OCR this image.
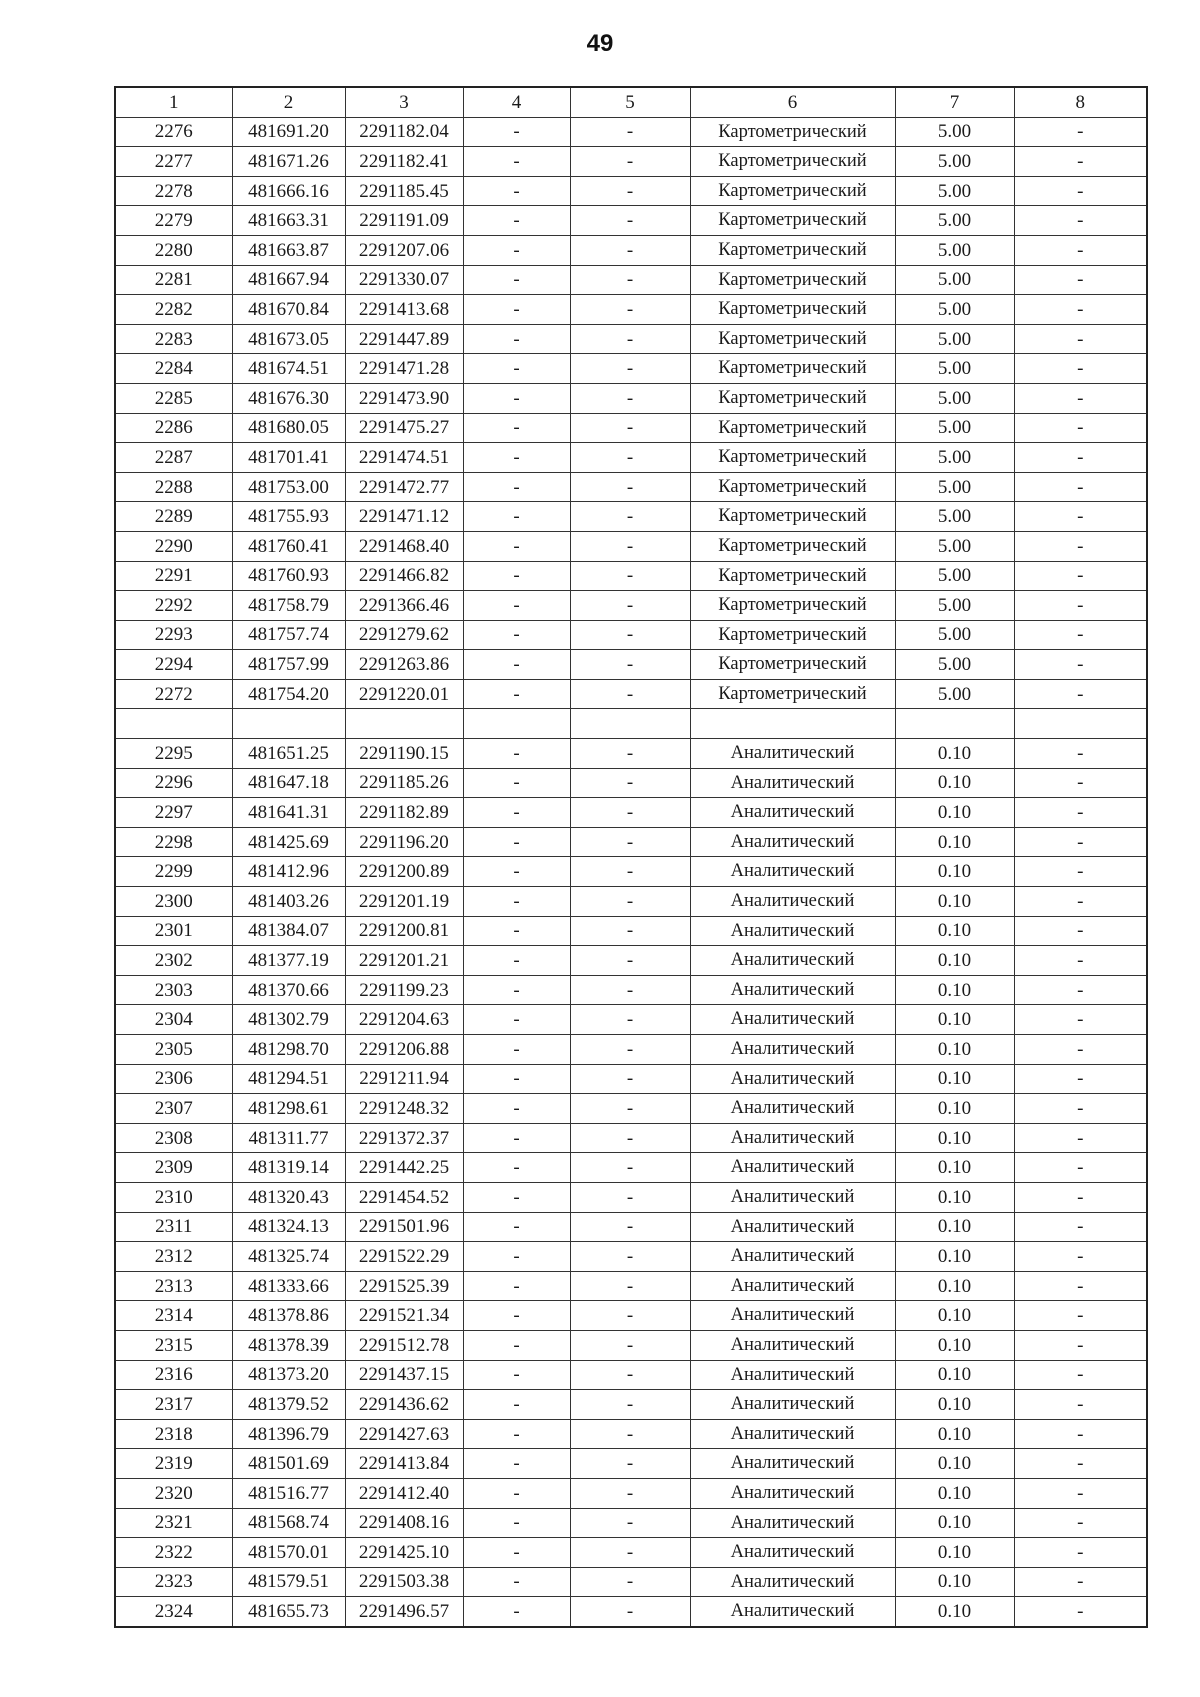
49
1	2	3	4	5	6	7	8
2276	481691.20	2291182.04	-	-	Картометрический	5.00	-
2277	481671.26	2291182.41	-	-	Картометрический	5.00	-
2278	481666.16	2291185.45	-	-	Картометрический	5.00	-
2279	481663.31	2291191.09	-	-	Картометрический	5.00	-
2280	481663.87	2291207.06	-	-	Картометрический	5.00	-
2281	481667.94	2291330.07	-	-	Картометрический	5.00	-
2282	481670.84	2291413.68	-	-	Картометрический	5.00	-
2283	481673.05	2291447.89	-	-	Картометрический	5.00	-
2284	481674.51	2291471.28	-	-	Картометрический	5.00	-
2285	481676.30	2291473.90	-	-	Картометрический	5.00	-
2286	481680.05	2291475.27	-	-	Картометрический	5.00	-
2287	481701.41	2291474.51	-	-	Картометрический	5.00	-
2288	481753.00	2291472.77	-	-	Картометрический	5.00	-
2289	481755.93	2291471.12	-	-	Картометрический	5.00	-
2290	481760.41	2291468.40	-	-	Картометрический	5.00	-
2291	481760.93	2291466.82	-	-	Картометрический	5.00	-
2292	481758.79	2291366.46	-	-	Картометрический	5.00	-
2293	481757.74	2291279.62	-	-	Картометрический	5.00	-
2294	481757.99	2291263.86	-	-	Картометрический	5.00	-
2272	481754.20	2291220.01	-	-	Картометрический	5.00	-

2295	481651.25	2291190.15	-	-	Аналитический	0.10	-
2296	481647.18	2291185.26	-	-	Аналитический	0.10	-
2297	481641.31	2291182.89	-	-	Аналитический	0.10	-
2298	481425.69	2291196.20	-	-	Аналитический	0.10	-
2299	481412.96	2291200.89	-	-	Аналитический	0.10	-
2300	481403.26	2291201.19	-	-	Аналитический	0.10	-
2301	481384.07	2291200.81	-	-	Аналитический	0.10	-
2302	481377.19	2291201.21	-	-	Аналитический	0.10	-
2303	481370.66	2291199.23	-	-	Аналитический	0.10	-
2304	481302.79	2291204.63	-	-	Аналитический	0.10	-
2305	481298.70	2291206.88	-	-	Аналитический	0.10	-
2306	481294.51	2291211.94	-	-	Аналитический	0.10	-
2307	481298.61	2291248.32	-	-	Аналитический	0.10	-
2308	481311.77	2291372.37	-	-	Аналитический	0.10	-
2309	481319.14	2291442.25	-	-	Аналитический	0.10	-
2310	481320.43	2291454.52	-	-	Аналитический	0.10	-
2311	481324.13	2291501.96	-	-	Аналитический	0.10	-
2312	481325.74	2291522.29	-	-	Аналитический	0.10	-
2313	481333.66	2291525.39	-	-	Аналитический	0.10	-
2314	481378.86	2291521.34	-	-	Аналитический	0.10	-
2315	481378.39	2291512.78	-	-	Аналитический	0.10	-
2316	481373.20	2291437.15	-	-	Аналитический	0.10	-
2317	481379.52	2291436.62	-	-	Аналитический	0.10	-
2318	481396.79	2291427.63	-	-	Аналитический	0.10	-
2319	481501.69	2291413.84	-	-	Аналитический	0.10	-
2320	481516.77	2291412.40	-	-	Аналитический	0.10	-
2321	481568.74	2291408.16	-	-	Аналитический	0.10	-
2322	481570.01	2291425.10	-	-	Аналитический	0.10	-
2323	481579.51	2291503.38	-	-	Аналитический	0.10	-
2324	481655.73	2291496.57	-	-	Аналитический	0.10	-
